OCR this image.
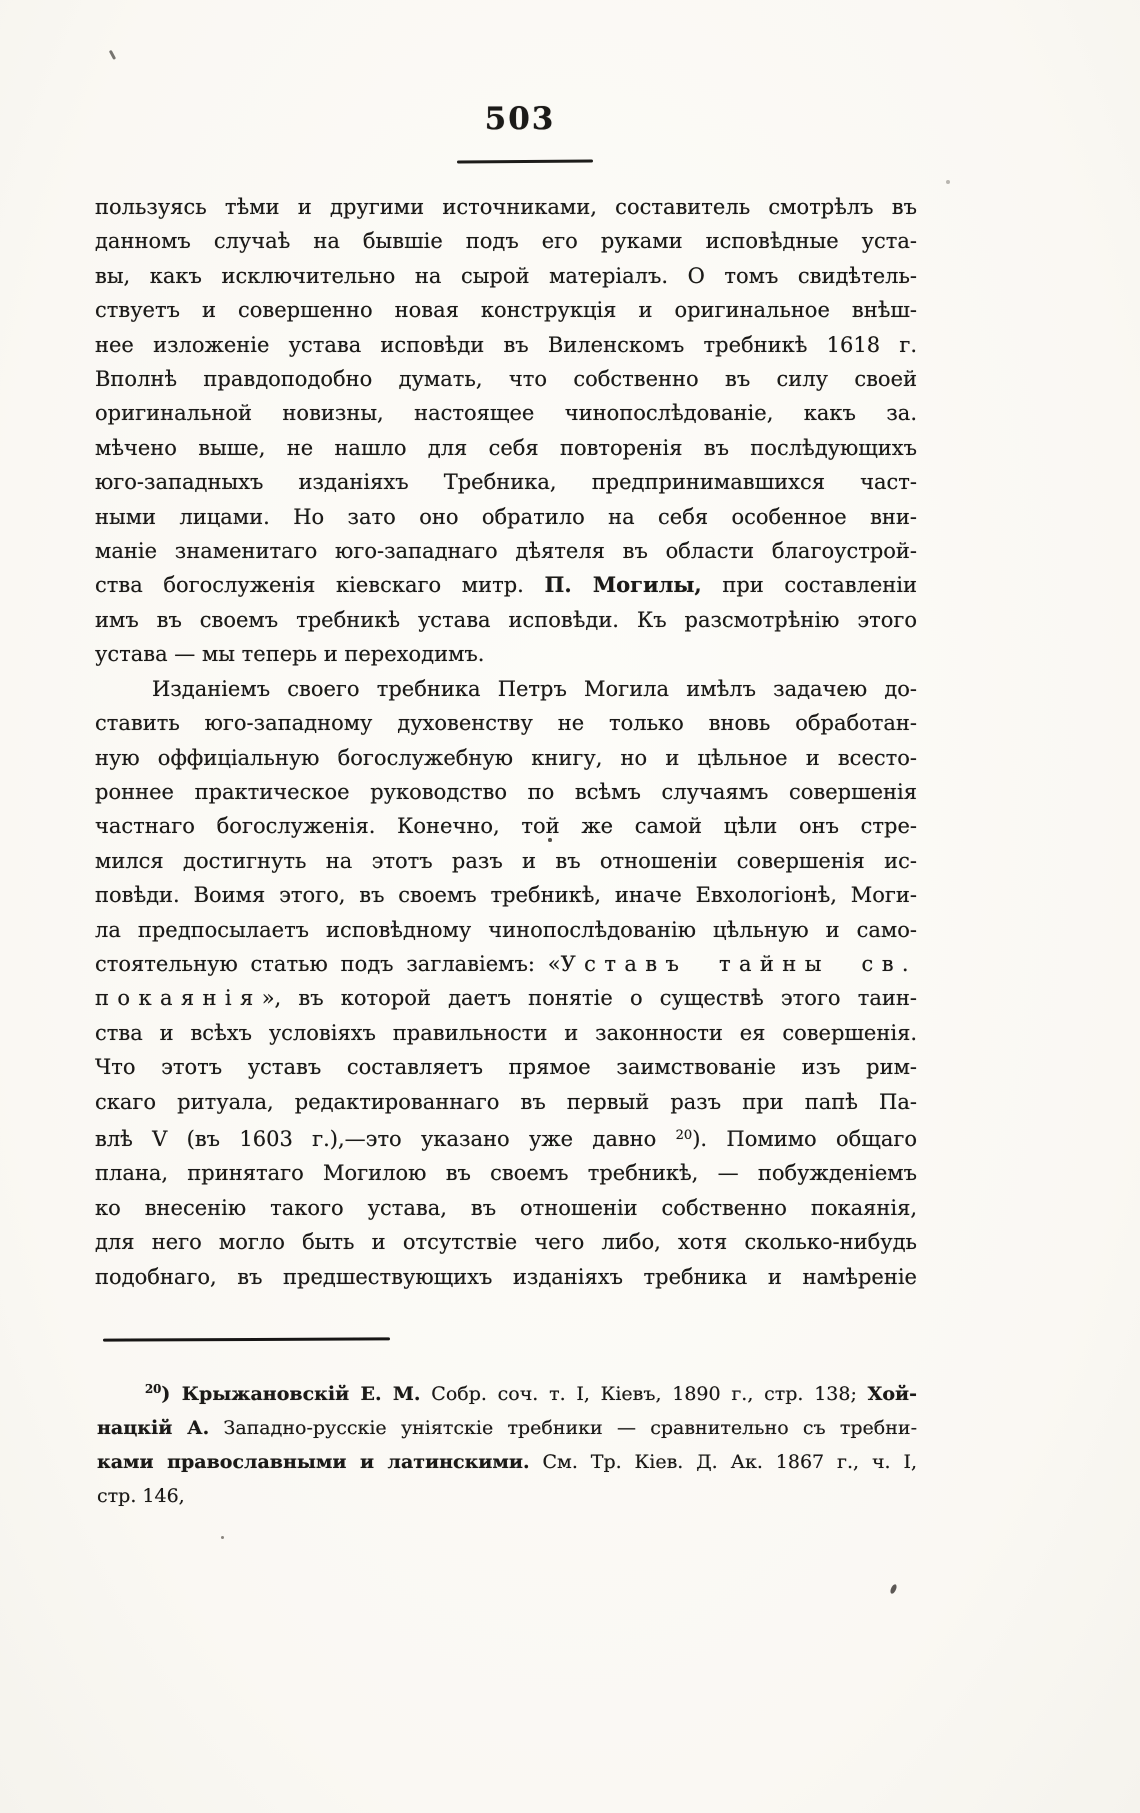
503
пользуясь тѣми и другими источниками, составитель смотрѣлъ въ
данномъ случаѣ на бывшіе подъ его руками исповѣдные уста-
вы, какъ исключительно на сырой матеріалъ. О томъ свидѣтель-
ствуетъ и совершенно новая конструкція и оригинальное внѣш-
нее изложеніе устава исповѣди въ Виленскомъ требникѣ 1618 г.
Вполнѣ правдоподобно думать, что собственно въ силу своей
оригинальной новизны, настоящее чинопослѣдованіе, какъ за.
мѣчено выше, не нашло для себя повторенія въ послѣдующихъ
юго-западныхъ изданіяхъ Требника, предпринимавшихся част-
ными лицами. Но зато оно обратило на себя особенное вни-
маніе знаменитаго юго-западнаго дѣятеля въ области благоустрой-
ства богослуженія кіевскаго митр. П. Могилы, при составленіи
имъ въ своемъ требникѣ устава исповѣди. Къ разсмотрѣнію этого
устава — мы теперь и переходимъ.
Изданіемъ своего требника Петръ Могила имѣлъ задачею до-
ставить юго-западному духовенству не только вновь обработан-
ную оффиціальную богослужебную книгу, но и цѣльное и всесто-
роннее практическое руководство по всѣмъ случаямъ совершенія
частнаго богослуженія. Конечно, той же самой цѣли онъ стре-
мился достигнуть на этотъ разъ и въ отношеніи совершенія ис-
повѣди. Воимя этого, въ своемъ требникѣ, иначе Евхологіонѣ, Моги-
ла предпосылаетъ исповѣдному чинопослѣдованію цѣльную и само-
стоятельную статью подъ заглавіемъ: «Уставъ тайны св.
покаянія», въ которой даетъ понятіе о существѣ этого таин-
ства и всѣхъ условіяхъ правильности и законности ея совершенія.
Что этотъ уставъ составляетъ прямое заимствованіе изъ рим-
скаго ритуала, редактированнаго въ первый разъ при папѣ Па-
влѣ V (въ 1603 г.),—это указано уже давно $^{20}$). Помимо общаго
плана, принятаго Могилою въ своемъ требникѣ, — побужденіемъ
ко внесенію такого устава, въ отношеніи собственно покаянія,
для него могло быть и отсутствіе чего либо, хотя сколько-нибудь
подобнаго, въ предшествующихъ изданіяхъ требника и намѣреніе
$^{20}$) Крыжановскій Е. М. Собр. соч. т. I, Кіевъ, 1890 г., стр. 138; Хой-
нацкій А. Западно-русскіе уніятскіе требники — сравнительно съ требни-
ками православными и латинскими. См. Тр. Кіев. Д. Ак. 1867 г., ч. I,
стр. 146,
